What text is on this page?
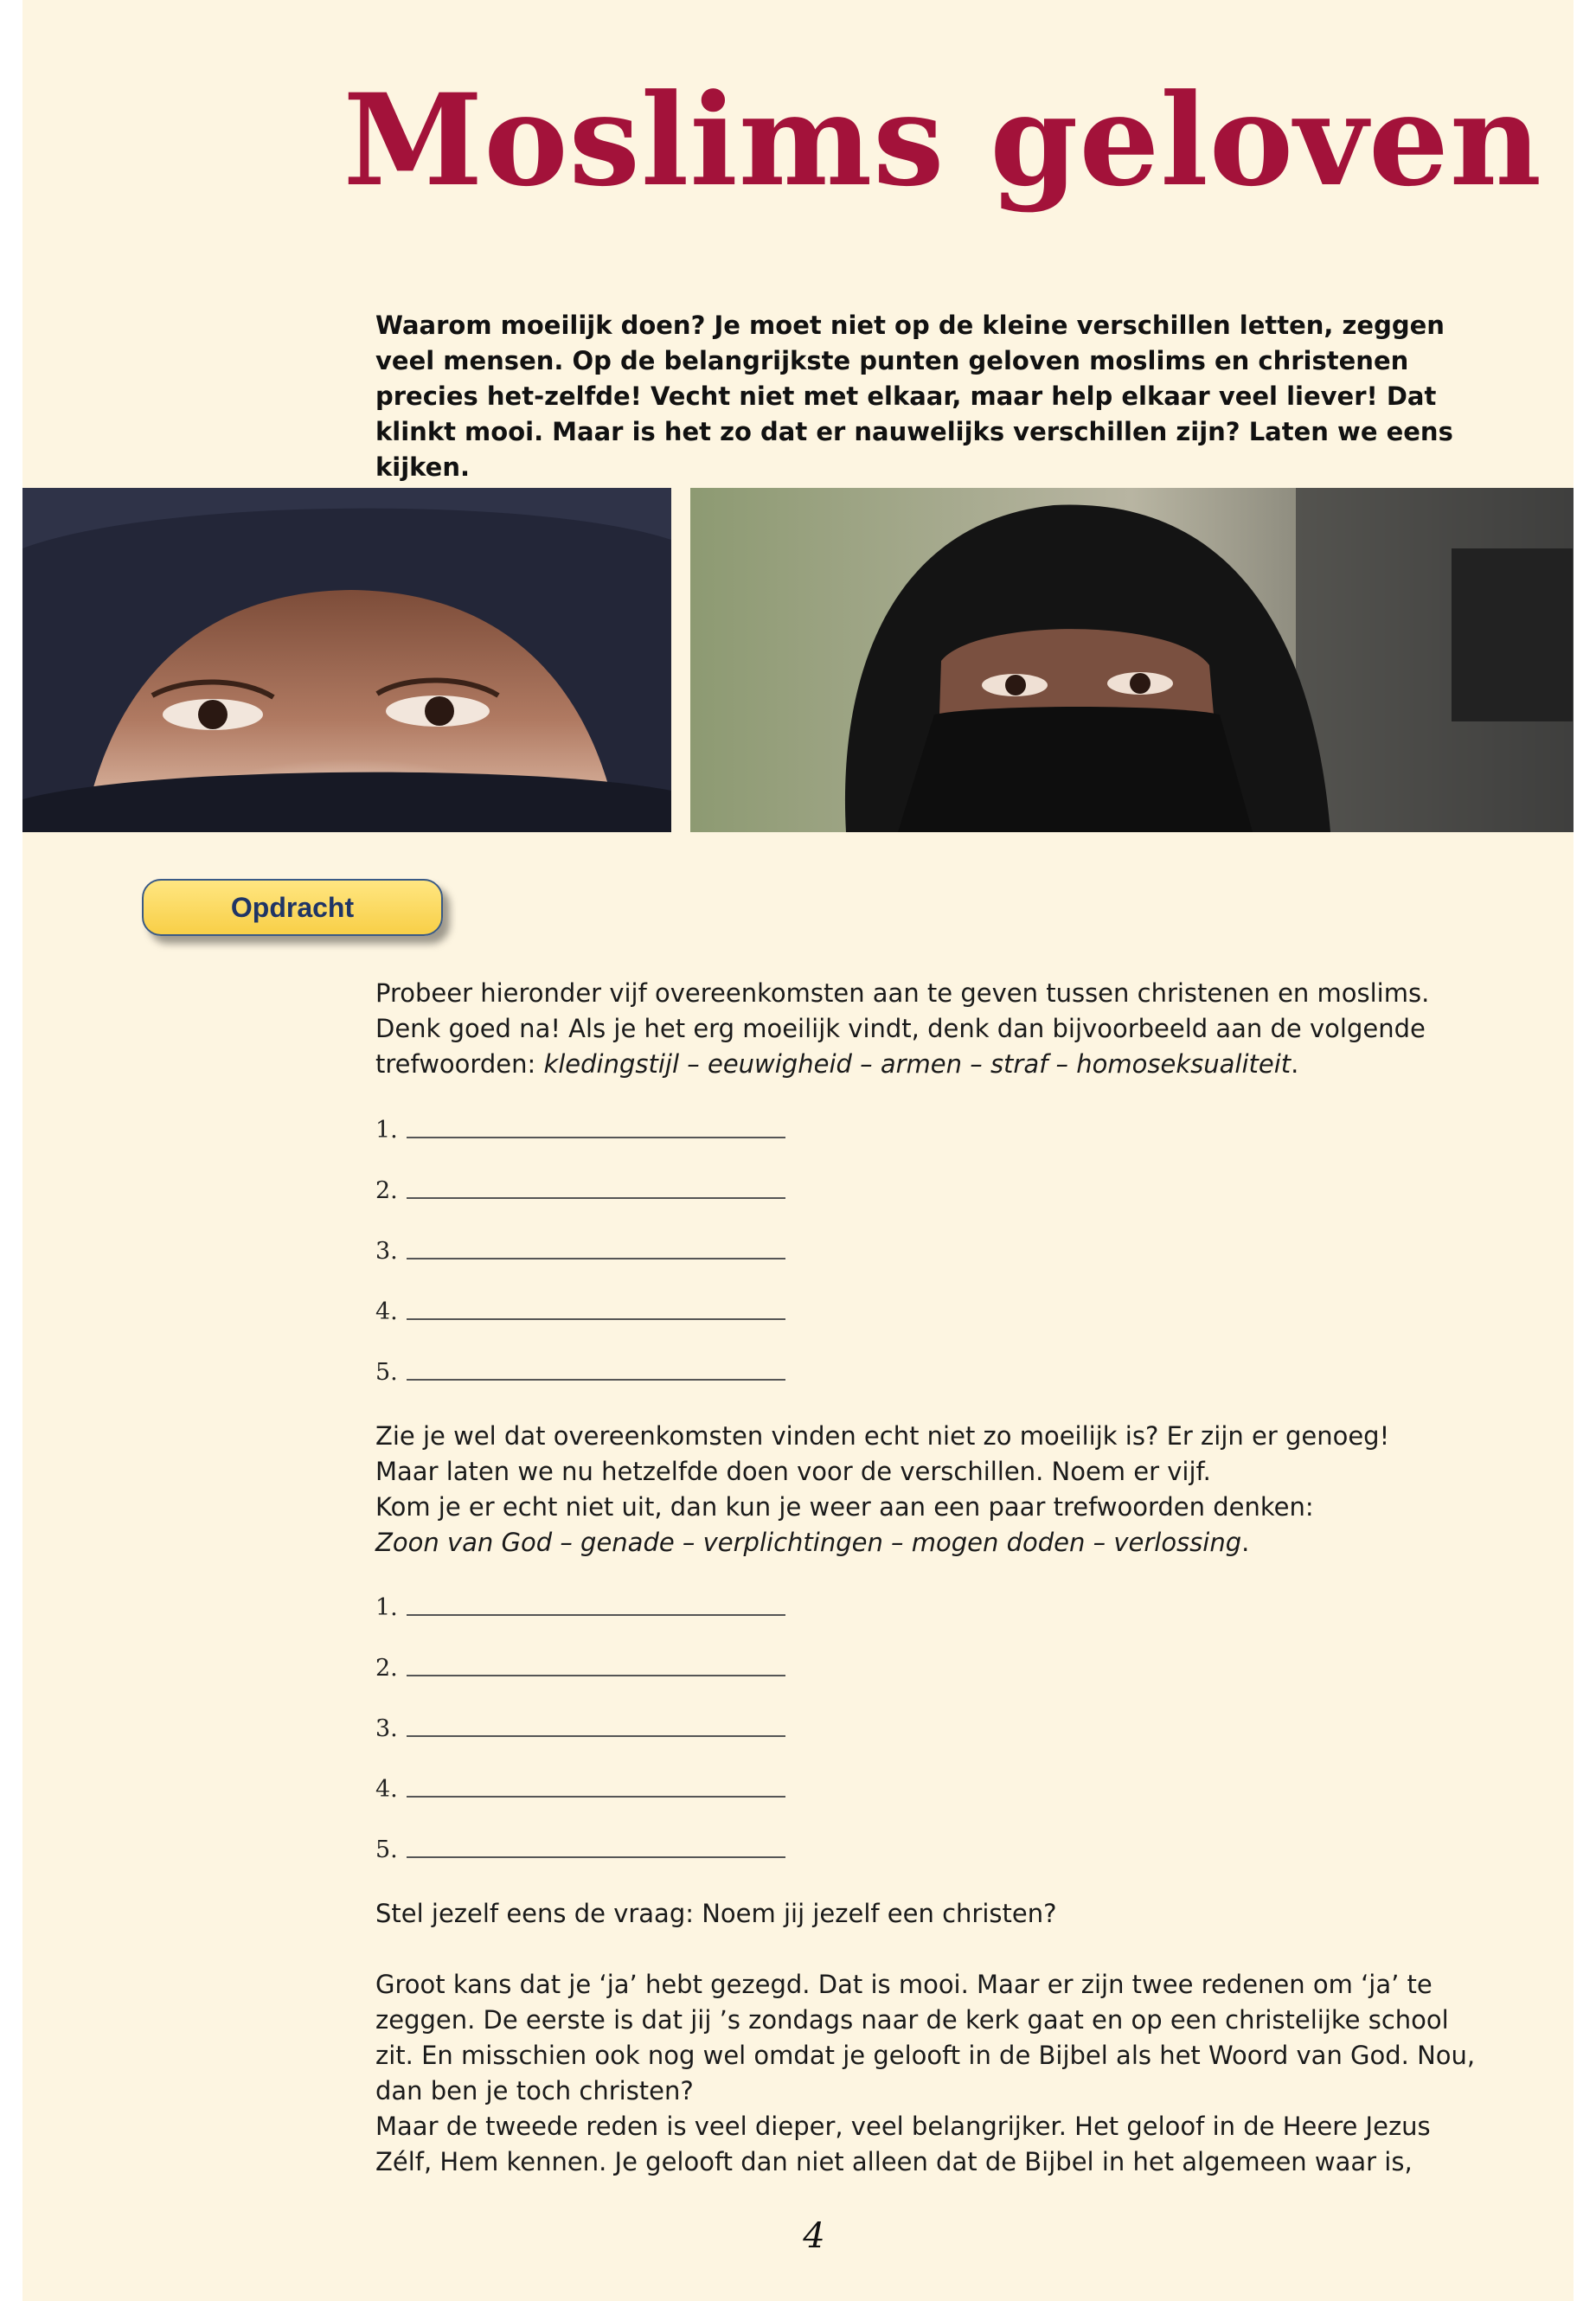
Moslims geloven

Waarom moeilijk doen? Je moet niet op de kleine verschillen letten, zeggen veel mensen. Op de belangrijkste punten geloven moslims en christenen precies het-zelfde! Vecht niet met elkaar, maar help elkaar veel liever! Dat klinkt mooi. Maar is het zo dat er nauwelijks verschillen zijn? Laten we eens kijken.

Opdracht

Probeer hieronder vijf overeenkomsten aan te geven tussen christenen en moslims. Denk goed na! Als je het erg moeilijk vindt, denk dan bijvoorbeeld aan de volgende trefwoorden: kledingstijl – eeuwigheid – armen – straf – homoseksualiteit.

1.
2.
3.
4.
5.
Zie je wel dat overeenkomsten vinden echt niet zo moeilijk is? Er zijn er genoeg!
Maar laten we nu hetzelfde doen voor de verschillen. Noem er vijf.
Kom je er echt niet uit, dan kun je weer aan een paar trefwoorden denken:
Zoon van God – genade – verplichtingen – mogen doden – verlossing.
1.
2.
3.
4.
5.

Stel jezelf eens de vraag: Noem jij jezelf een christen?

Groot kans dat je ‘ja’ hebt gezegd. Dat is mooi. Maar er zijn twee redenen om ‘ja’ te zeggen. De eerste is dat jij ’s zondags naar de kerk gaat en op een christelijke school zit. En misschien ook nog wel omdat je gelooft in de Bijbel als het Woord van God. Nou, dan ben je toch christen?
Maar de tweede reden is veel dieper, veel belangrijker. Het geloof in de Heere Jezus Zélf, Hem kennen. Je gelooft dan niet alleen dat de Bijbel in het algemeen waar is,
4
